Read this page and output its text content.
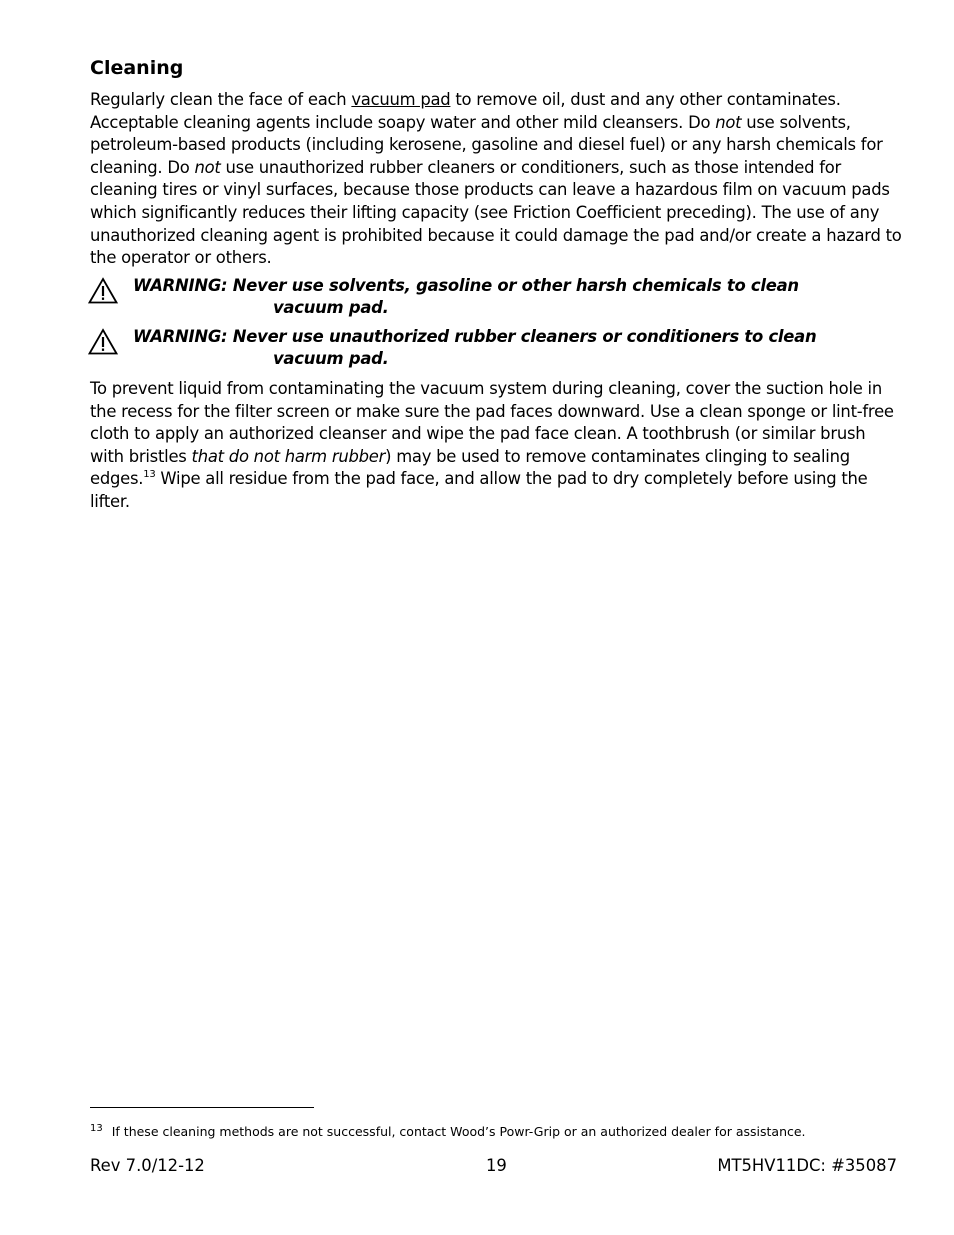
Cleaning

Regularly clean the face of each vacuum pad to remove oil, dust and any other contaminates. Acceptable cleaning agents include soapy water and other mild cleansers. Do not use solvents, petroleum-based products (including kerosene, gasoline and diesel fuel) or any harsh chemicals for cleaning. Do not use unauthorized rubber cleaners or conditioners, such as those intended for cleaning tires or vinyl surfaces, because those products can leave a hazardous film on vacuum pads which significantly reduces their lifting capacity (see Friction Coefficient preceding). The use of any unauthorized cleaning agent is prohibited because it could damage the pad and/or create a hazard to the operator or others.

WARNING: Never use solvents, gasoline or other harsh chemicals to clean
vacuum pad.
WARNING: Never use unauthorized rubber cleaners or conditioners to clean
vacuum pad.

To prevent liquid from contaminating the vacuum system during cleaning, cover the suction hole in the recess for the filter screen or make sure the pad faces downward. Use a clean sponge or lint-free cloth to apply an authorized cleanser and wipe the pad face clean. A toothbrush (or similar brush with bristles that do not harm rubber) may be used to remove contaminates clinging to sealing edges.$^{13}$ Wipe all residue from the pad face, and allow the pad to dry completely before using the lifter.

$^{13}$ If these cleaning methods are not successful, contact Wood’s Powr-Grip or an authorized dealer for assistance.
Rev 7.0/12-12	19	MT5HV11DC: #35087
